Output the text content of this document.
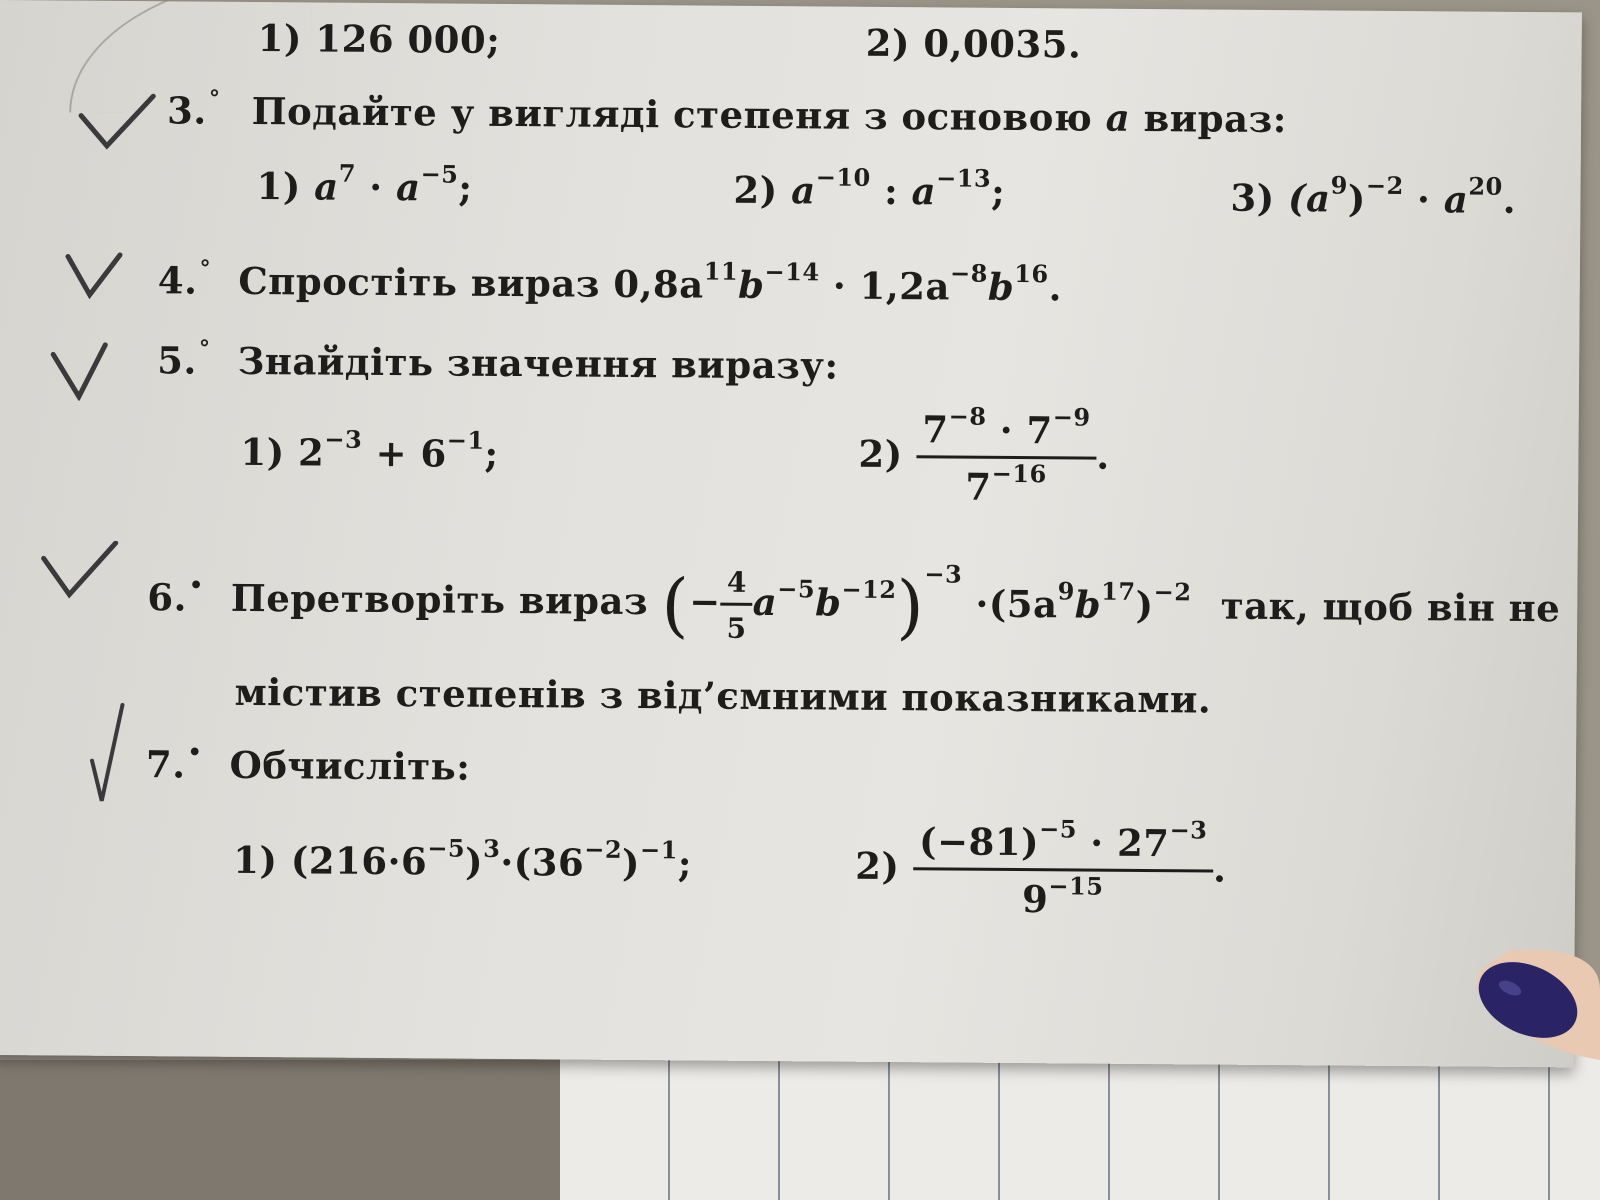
1) 126 000;	2) 0,0035.
3.° Подайте у вигляді степеня з основою a вираз:
1) $a^7 \cdot a^{-5}$;	2) $a^{-10}$ : $a^{-13}$;	3) $(a^9)^{-2} \cdot a^{20}$.
4.° Спростіть вираз $0,8a^{11}b^{-14} \cdot 1,2a^{-8}b^{16}$.
5.° Знайдіть значення виразу:
1) $2^{-3} + 6^{-1}$;	$2) \frac{7^{-8} \cdot 7^{-9}}{7^{-16}}$ .
6.• Перетворіть вираз (− $\frac{4}{5} a^{-5}b^{-12})^{-3} \cdot(5a^9b^{17})^{-2}$ так, щоб він не
містив степенів з від’ємними показниками.
7.• Обчисліть:
1) $(216\cdot 6^{-5})^3\cdot(36^{-2})^{-1}$;	$2) \frac{(-81)^{-5} \cdot 27^{-3}}{9^{-15}}$ .
